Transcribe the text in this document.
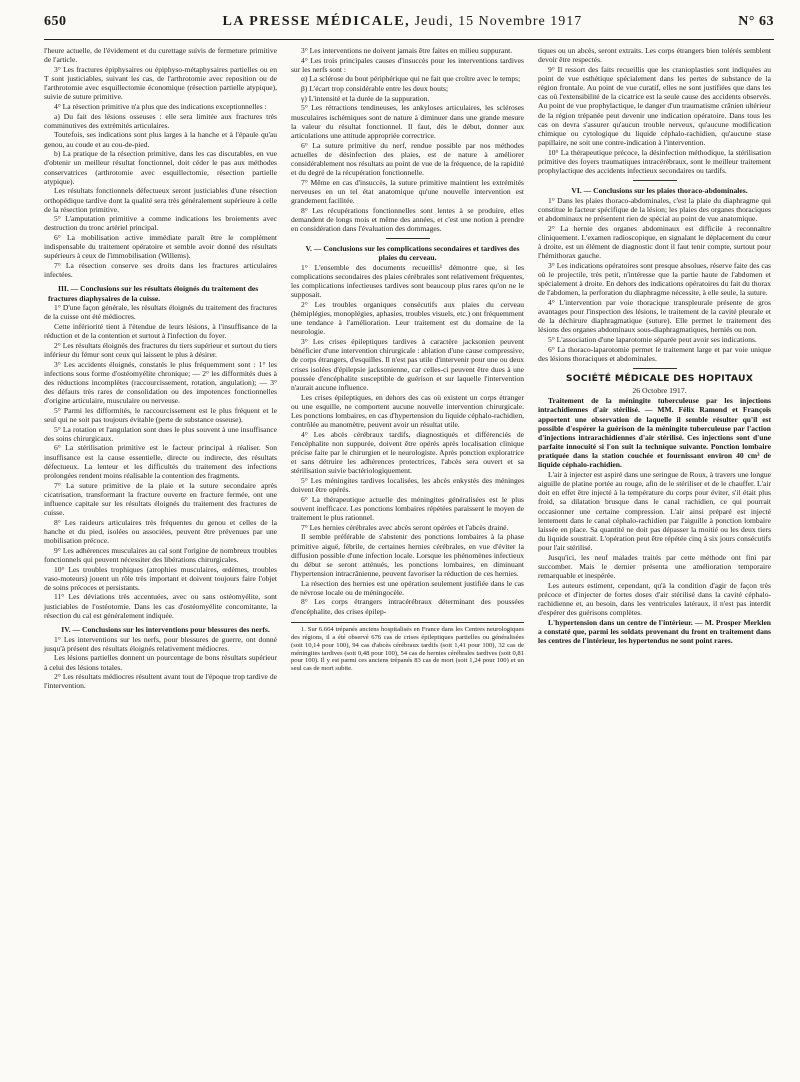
650	LA PRESSE MÉDICALE, Jeudi, 15 Novembre 1917	N° 63

l'heure actuelle, de l'évidement et du curettage suivis de fermeture primitive de l'article.

3° Les fractures épiphysaires ou épiphyso-métaphysaires partielles ou en T sont justiciables, suivant les cas, de l'arthrotomie avec reposition ou de l'arthrotomie avec esquillectomie économique (résection partielle atypique), suivie de suture primitive.

4° La résection primitive n'a plus que des indications exceptionnelles :

a) Du fait des lésions osseuses : elle sera limitée aux fractures très comminutives des extrémités articulaires.

Toutefois, ses indications sont plus larges à la hanche et à l'épaule qu'au genou, au coude et au cou-de-pied.

b) La pratique de la résection primitive, dans les cas discutables, en vue d'obtenir un meilleur résultat fonctionnel, doit céder le pas aux méthodes conservatrices (arthrotomie avec esquillectomie, résection partielle atypique).

Les résultats fonctionnels défectueux seront justiciables d'une résection orthopédique tardive dont la qualité sera très généralement supérieure à celle de la résection primitive.

5° L'amputation primitive a comme indications les broiements avec destruction du tronc artériel principal.

6° La mobilisation active immédiate paraît être le complément indispensable du traitement opératoire et semble avoir donné des résultats supérieurs à ceux de l'immobilisation (Willems).

7° La résection conserve ses droits dans les fractures articulaires infectées.

III. — Conclusions sur les résultats éloignés du traitement des fractures diaphysaires de la cuisse.

1° D'une façon générale, les résultats éloignés du traitement des fractures de la cuisse ont été médiocres.

Cette infériorité tient à l'étendue de leurs lésions, à l'insuffisance de la réduction et de la contention et surtout à l'infection du foyer.

2° Les résultats éloignés des fractures du tiers supérieur et surtout du tiers inférieur du fémur sont ceux qui laissent le plus à désirer.

3° Les accidents éloignés, constatés le plus fréquemment sont : 1° les infections sous forme d'ostéomyélite chronique; — 2° les difformités dues à des réductions incomplètes (raccourcissement, rotation, angulation); — 3° des défauts très rares de consolidation ou des impotences fonctionnelles d'origine articulaire, musculaire ou nerveuse.

5° Parmi les difformités, le raccourcissement est le plus fréquent et le seul qui ne soit pas toujours évitable (perte de substance osseuse).

5° La rotation et l'angulation sont dues le plus souvent à une insuffisance des soins chirurgicaux.

6° La stérilisation primitive est le facteur principal à réaliser. Son insuffisance est la cause essentielle, directe ou indirecte, des résultats défectueux. La lenteur et les difficultés du traitement des infections prolongées rendent moins réalisable la contention des fragments.

7° La suture primitive de la plaie et la suture secondaire après cicatrisation, transformant la fracture ouverte en fracture fermée, ont une influence capitale sur les résultats éloignés du traitement des fractures de cuisse.

8° Les raideurs articulaires très fréquentes du genou et celles de la hanche et du pied, isolées ou associées, peuvent être prévenues par une mobilisation précoce.

9° Les adhérences musculaires au cal sont l'origine de nombreux troubles fonctionnels qui peuvent nécessiter des libérations chirurgicales.

10° Les troubles trophiques (atrophies musculaires, œdèmes, troubles vaso-moteurs) jouent un rôle très important et doivent toujours faire l'objet de soins précoces et persistants.

11° Les déviations très accentuées, avec ou sans ostéomyélite, sont justiciables de l'ostéotomie. Dans les cas d'ostéomyélite concomitante, la résection du cal est généralement indiquée.

IV. — Conclusions sur les interventions pour blessures des nerfs.

1° Les interventions sur les nerfs, pour blessures de guerre, ont donné jusqu'à présent des résultats éloignés relativement médiocres.

Les lésions partielles donnent un pourcentage de bons résultats supérieur à celui des lésions totales.

2° Les résultats médiocres résultent avant tout de l'époque trop tardive de l'intervention.

3° Les interventions ne doivent jamais être faites en milieu suppurant.

4° Les trois principales causes d'insuccès pour les interventions tardives sur les nerfs sont :

α) La sclérose du bout périphérique qui ne fait que croître avec le temps;

β) L'écart trop considérable entre les deux bouts;

γ) L'intensité et la durée de la suppuration.

5° Les rétractions tendineuses, les ankyloses articulaires, les scléroses musculaires ischémiques sont de nature à diminuer dans une grande mesure la valeur du résultat fonctionnel. Il faut, dès le début, donner aux articulations une attitude appropriée correctrice.

6° La suture primitive du nerf, rendue possible par nos méthodes actuelles de désinfection des plaies, est de nature à améliorer considérablement nos résultats au point de vue de la fréquence, de la rapidité et du degré de la récupération fonctionnelle.

7° Même en cas d'insuccès, la suture primitive maintient les extrémités nerveuses en un tel état anatomique qu'une nouvelle intervention est grandement facilitée.

8° Les récupérations fonctionnelles sont lentes à se produire, elles demandent de longs mois et même des années, et c'est une notion à prendre en considération dans l'évaluation des dommages.

V. — Conclusions sur les complications secondaires et tardives des plaies du cerveau.

1° L'ensemble des documents recueillis¹ démontre que, si les complications secondaires des plaies cérébrales sont relativement fréquentes, les complications infectieuses tardives sont beaucoup plus rares qu'on ne le supposait.

2° Les troubles organiques consécutifs aux plaies du cerveau (hémiplégies, monoplégies, aphasies, troubles visuels, etc.) ont fréquemment une tendance à l'amélioration. Leur traitement est du domaine de la neurologie.

3° Les crises épileptiques tardives à caractère jacksonien peuvent bénéficier d'une intervention chirurgicale : ablation d'une cause compressive, de corps étrangers, d'esquilles. Il n'est pas utile d'intervenir pour une ou deux crises isolées d'épilepsie jacksonienne, car celles-ci peuvent être dues à une poussée d'encéphalite susceptible de guérison et sur laquelle l'intervention n'aurait aucune influence.

Les crises épileptiques, en dehors des cas où existent un corps étranger ou une esquille, ne comportent aucune nouvelle intervention chirurgicale. Les ponctions lombaires, en cas d'hypertension du liquide céphalo-rachidien, contrôlée au manomètre, peuvent avoir un résultat utile.

4° Les abcès cérébraux tardifs, diagnostiqués et différenciés de l'encéphalite non suppurée, doivent être opérés après localisation clinique précise faite par le chirurgien et le neurologiste. Après ponction exploratrice et sans détruire les adhérences protectrices, l'abcès sera ouvert et sa stérilisation suivie bactériologiquement.

5° Les méningites tardives localisées, les abcès enkystés des méninges doivent être opérés.

6° La thérapeutique actuelle des méningites généralisées est le plus souvent inefficace. Les ponctions lombaires répétées paraissent le moyen de traitement le plus rationnel.

7° Les hernies cérébrales avec abcès seront opérées et l'abcès drainé.

Il semble préférable de s'abstenir des ponctions lombaires à la phase primitive aiguë, fébrile, de certaines hernies cérébrales, en vue d'éviter la diffusion possible d'une infection locale. Lorsque les phénomènes infectieux du début se seront atténués, les ponctions lombaires, en diminuant l'hypertension intracrânienne, peuvent favoriser la réduction de ces hernies.

La résection des hernies est une opération seulement justifiée dans le cas de névrose locale ou de méningocèle.

8° Les corps étrangers intracérébraux déterminant des poussées d'encéphalite, des crises épilep-

1. Sur 6.664 trépanés anciens hospitalisés en France dans les Centres neurologiques des régions, il a été observé 676 cas de crises épileptiques partielles ou généralisées (soit 10,14 pour 100), 94 cas d'abcès cérébraux tardifs (soit 1,41 pour 100), 32 cas de méningites tardives (soit 0,48 pour 100), 54 cas de hernies cérébrales tardives (soit 0,81 pour 100). Il y est parmi ces anciens trépanés 83 cas de mort (soit 1,24 pour 100) et un seul cas de mort subite.

tiques ou un abcès, seront extraits. Les corps étrangers bien tolérés semblent devoir être respectés.

9° Il ressort des faits recueillis que les cranioplasties sont indiquées au point de vue esthétique spécialement dans les pertes de substance de la région frontale. Au point de vue curatif, elles ne sont justifiées que dans les cas où l'extensibilité de la cicatrice est la seule cause des accidents observés. Au point de vue prophylactique, le danger d'un traumatisme crânien ultérieur de la région trépanée peut devenir une indication opératoire. Dans tous les cas on devra s'assurer qu'aucun trouble nerveux, qu'aucune modification chimique ou cytologique du liquide céphalo-rachidien, qu'aucune stase papillaire, ne soit une contre-indication à l'intervention.

10° La thérapeutique précoce, la désinfection méthodique, la stérilisation primitive des foyers traumatiques intracérébraux, sont le meilleur traitement prophylactique des accidents infectieux secondaires ou tardifs.

VI. — Conclusions sur les plaies thoraco-abdominales.

1° Dans les plaies thoraco-abdominales, c'est la plaie du diaphragme qui constitue le facteur spécifique de la lésion; les plaies des organes thoraciques et abdominaux ne présentent rien de spécial au point de vue anatomique.

2° La hernie des organes abdominaux est difficile à reconnaître cliniquement. L'examen radioscopique, en signalant le déplacement du cœur à droite, est un élément de diagnostic dont il faut tenir compte, surtout pour l'hémithorax gauche.

3° Les indications opératoires sont presque absolues, réserve faite des cas où le projectile, très petit, n'intéresse que la partie haute de l'abdomen et spécialement à droite. En dehors des indications opératoires du fait du thorax de l'abdomen, la perforation du diaphragme nécessite, à elle seule, la suture.

4° L'intervention par voie thoracique transpleurale présente de gros avantages pour l'inspection des lésions, le traitement de la cavité pleurale et de la déchirure diaphragmatique (suture). Elle permet le traitement des lésions des organes abdominaux sous-diaphragmatiques, herniés ou non.

5° L'association d'une laparotomie séparée peut avoir ses indications.

6° La thoraco-laparotomie permet le traitement large et par voie unique des lésions thoraciques et abdominales.

SOCIÉTÉ MÉDICALE DES HOPITAUX

26 Octobre 1917.

Traitement de la méningite tuberculeuse par les injections intrachidiennes d'air stérilisé. — MM. Félix Ramond et François apportent une observation de laquelle il semble résulter qu'il est possible d'espérer la guérison de la méningite tuberculeuse par l'action d'injections intrarachidiennes d'air stérilisé. Ces injections sont d'une parfaite innocuité si l'on suit la technique suivante. Ponction lombaire pratiquée dans la station couchée et fournissant environ 40 cm³ de liquide céphalo-rachidien.

L'air à injecter est aspiré dans une seringue de Roux, à travers une longue aiguille de platine portée au rouge, afin de le stériliser et de le chauffer. L'air doit en effet être injecté à la température du corps pour éviter, s'il était plus froid, sa dilatation brusque dans le canal rachidien, ce qui pourrait occasionner une certaine compression. L'air ainsi préparé est injecté lentement dans le canal céphalo-rachidien par l'aiguille à ponction lombaire laissée en place. Sa quantité ne doit pas dépasser la moitié ou les deux tiers du liquide soustrait. L'opération peut être répétée cinq à six jours consécutifs pour l'air stérilisé.

Jusqu'ici, les neuf malades traités par cette méthode ont fini par succomber. Mais le dernier présenta une amélioration temporaire remarquable et inespérée.

Les auteurs estiment, cependant, qu'à la condition d'agir de façon très précoce et d'injecter de fortes doses d'air stérilisé dans la cavité céphalo-rachidienne et, au besoin, dans les ventricules latéraux, il n'est pas interdit d'espérer des guérisons complètes.

L'hypertension dans un centre de l'intérieur. — M. Prosper Merklen a constaté que, parmi les soldats provenant du front en traitement dans les centres de l'intérieur, les hypertendus ne sont point rares.
